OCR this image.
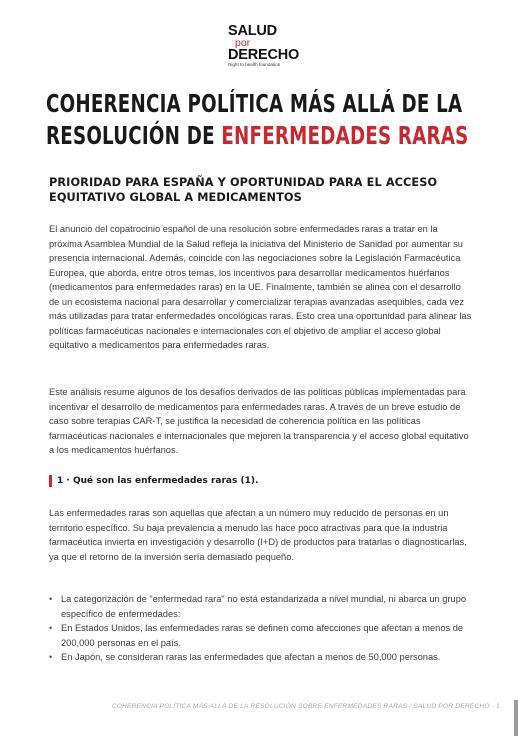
SALUD
por
DERECHO
Right to health foundation
COHERENCIA POLÍTICA MÁS ALLÁ DE LA RESOLUCIÓN DE ENFERMEDADES RARAS
PRIORIDAD PARA ESPAÑA Y OPORTUNIDAD PARA EL ACCESO EQUITATIVO GLOBAL A MEDICAMENTOS

El anuncio del copatrocinio español de una resolución sobre enfermedades raras a tratar en la próxima Asamblea Mundial de la Salud refleja la iniciativa del Ministerio de Sanidad por aumentar su presencia internacional. Además, coincide con las negociaciones sobre la Legislación Farmacéutica Europea, que aborda, entre otros temas, los incentivos para desarrollar medicamentos huérfanos (medicamentos para enfermedades raras) en la UE. Finalmente, también se alinea con el desarrollo de un ecosistema nacional para desarrollar y comercializar terapias avanzadas asequibles, cada vez más utilizadas para tratar enfermedades oncológicas raras. Esto crea una oportunidad para alinear las políticas farmacéuticas nacionales e internacionales con el objetivo de ampliar el acceso global equitativo a medicamentos para enfermedades raras.

Este análisis resume algunos de los desafíos derivados de las políticas públicas implementadas para incentivar el desarrollo de medicamentos para enfermedades raras. A través de un breve estudio de caso sobre terapias CAR-T, se justifica la necesidad de coherencia política en las políticas farmacéuticas nacionales e internacionales que mejoren la transparencia y el acceso global equitativo a los medicamentos huérfanos.

1 · Qué son las enfermedades raras (1).

Las enfermedades raras son aquellas que afectan a un número muy reducido de personas en un territorio específico. Su baja prevalencia a menudo las hace poco atractivas para que la industria farmacéutica invierta en investigación y desarrollo (I+D) de productos para tratarlas o diagnosticarlas, ya que el retorno de la inversión sería demasiado pequeño.

• La categorización de "enfermedad rara" no está estandarizada a nivel mundial, ni abarca un grupo específico de enfermedades:
• En Estados Unidos, las enfermedades raras se definen como afecciones que afectan a menos de 200,000 personas en el país.
• En Japón, se consideran raras las enfermedades que afectan a menos de 50,000 personas.
COHERENCIA POLÍTICA MÁS ALLÁ DE LA RESOLUCIÓN SOBRE ENFERMEDADES RARAS / SALUD POR DERECHO · 1
